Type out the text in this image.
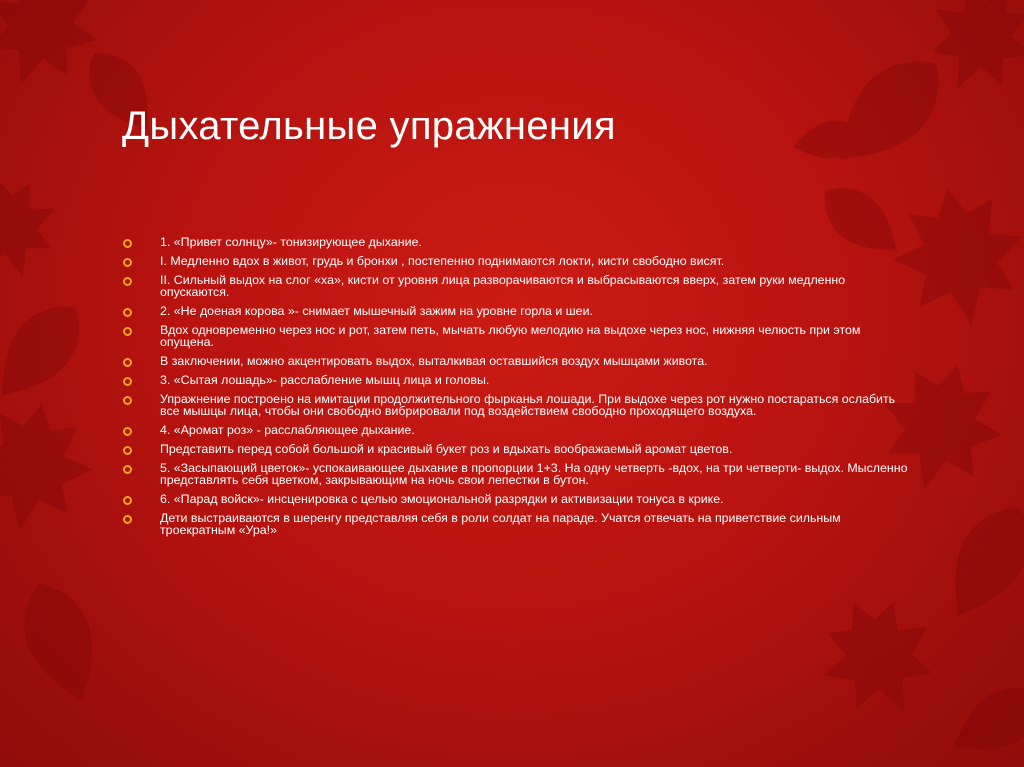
Дыхательные упражнения
1. «Привет солнцу»- тонизирующее дыхание.
I. Медленно вдох в живот, грудь и бронхи , постепенно поднимаются локти, кисти свободно висят.
II. Сильный выдох на слог «ха», кисти от уровня лица разворачиваются и выбрасываются вверх, затем руки медленно опускаются.
2. «Не доеная корова »- снимает мышечный зажим на уровне горла и шеи.
Вдох одновременно через нос и рот, затем петь, мычать любую мелодию на выдохе через нос, нижняя челюсть при этом опущена.
В заключении, можно акцентировать выдох, выталкивая оставшийся воздух мышцами живота.
3. «Сытая лошадь»- расслабление мышц лица и головы.
Упражнение построено на имитации продолжительного фырканья лошади. При выдохе через рот нужно постараться ослабить все мышцы лица, чтобы они свободно вибрировали под воздействием свободно проходящего воздуха.
4. «Аромат роз» - расслабляющее дыхание.
Представить перед собой большой и красивый букет роз и вдыхать воображаемый аромат цветов.
5. «Засыпающий цветок»- успокаивающее дыхание в пропорции 1+3. На одну четверть -вдох, на три четверти- выдох. Мысленно представлять себя цветком, закрывающим на ночь свои лепестки в бутон.
6. «Парад войск»- инсценировка с целью эмоциональной разрядки и активизации тонуса в крике.
Дети выстраиваются в шеренгу представляя себя в роли солдат на параде. Учатся отвечать на приветствие сильным троекратным «Ура!»
